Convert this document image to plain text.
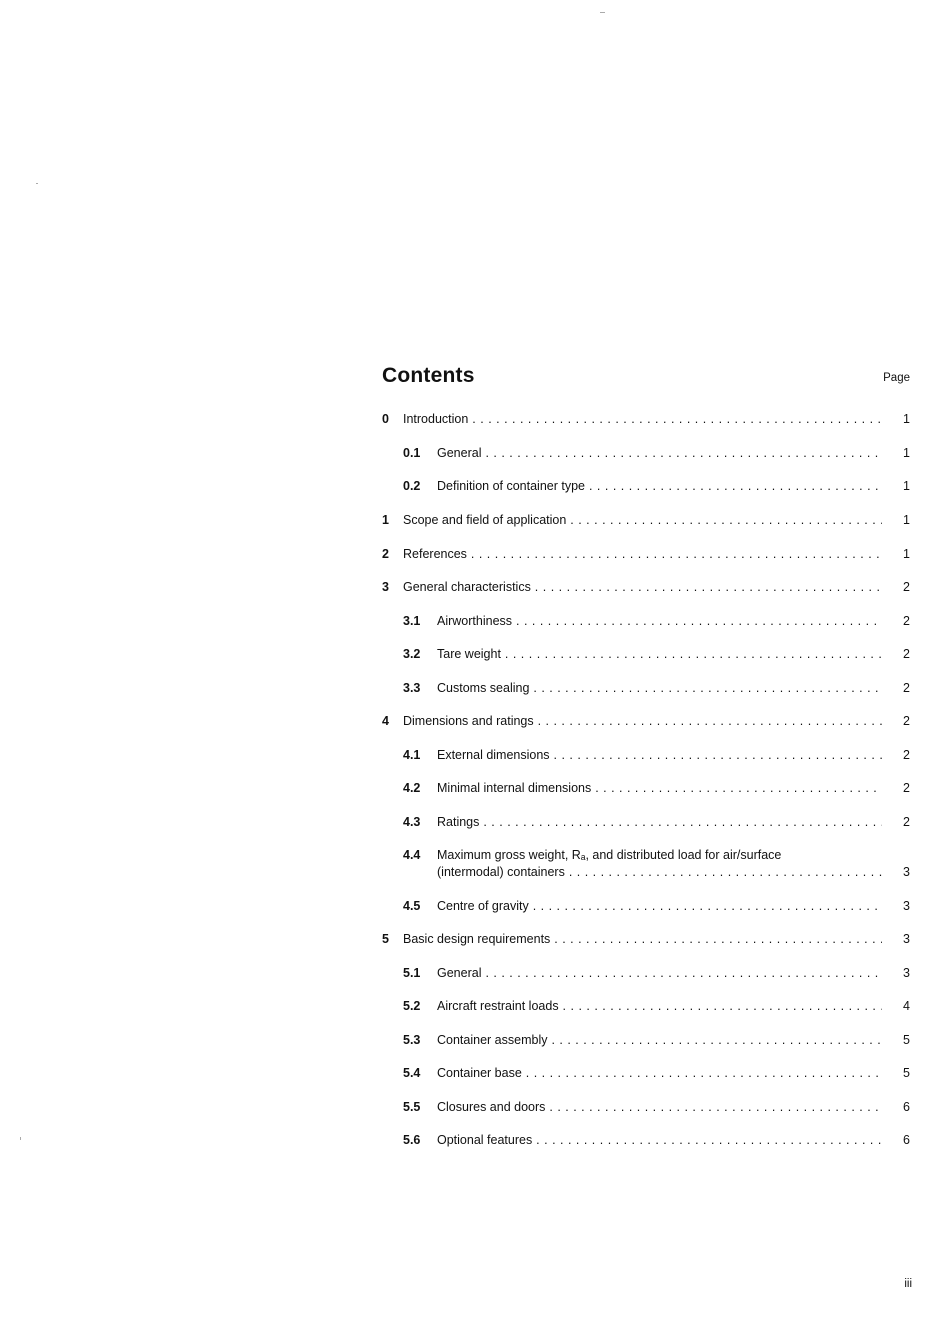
Contents	Page
0 Introduction . . .	1
0.1 General . . .	1
0.2 Definition of container type . . .	1
1 Scope and field of application . . .	1
2 References . . .	1
3 General characteristics . . .	2
3.1 Airworthiness . . .	2
3.2 Tare weight . . .	2
3.3 Customs sealing . . .	2
4 Dimensions and ratings . . .	2
4.1 External dimensions . . .	2
4.2 Minimal internal dimensions . . .	2
4.3 Ratings . . .	2
4.4 Maximum gross weight, Rₐ, and distributed load for air/surface
(intermodal) containers . . .	3
4.5 Centre of gravity . . .	3
5 Basic design requirements . . .	3
5.1 General . . .	3
5.2 Aircraft restraint loads . . .	4
5.3 Container assembly . . .	5
5.4 Container base . . .	5
5.5 Closures and doors . . .	6
5.6 Optional features . . .	6
iii
